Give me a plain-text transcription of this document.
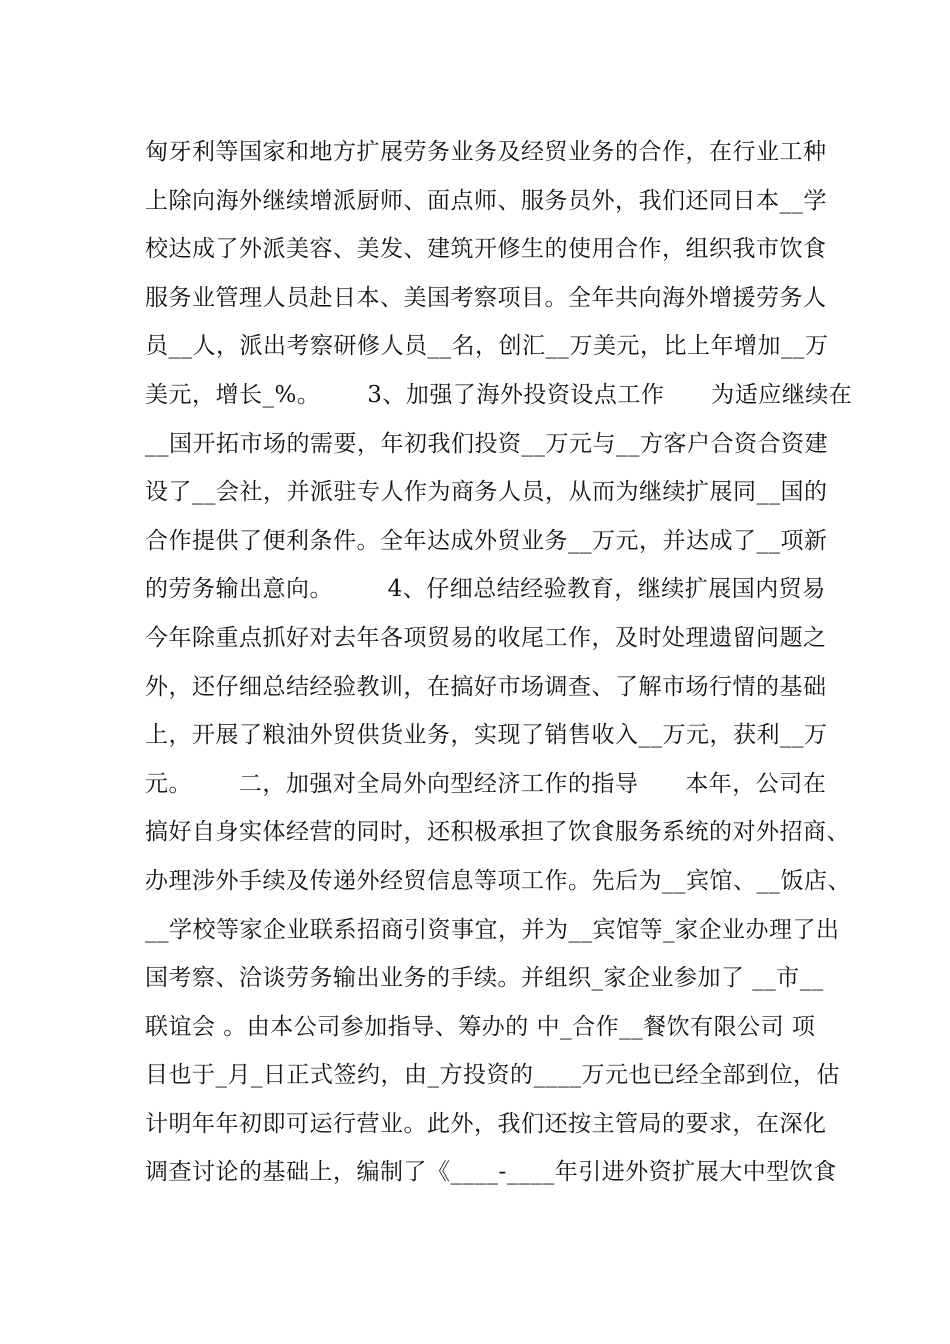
匈牙利等国家和地方扩展劳务业务及经贸业务的合作，在行业工种
上除向海外继续增派厨师、面点师、服务员外，我们还同日本__学
校达成了外派美容、美发、建筑开修生的使用合作，组织我市饮食
服务业管理人员赴日本、美国考察项目。全年共向海外增援劳务人
员__人，派出考察研修人员__名，创汇__万美元，比上年增加__万
美元，增长_%。      3、加强了海外投资设点工作      为适应继续在
__国开拓市场的需要，年初我们投资__万元与__方客户合资合资建
设了__会社，并派驻专人作为商务人员，从而为继续扩展同__国的
合作提供了便利条件。全年达成外贸业务__万元，并达成了__项新
的劳务输出意向。       4、仔细总结经验教育，继续扩展国内贸易
今年除重点抓好对去年各项贸易的收尾工作，及时处理遗留问题之
外，还仔细总结经验教训，在搞好市场调查、了解市场行情的基础
上，开展了粮油外贸供货业务，实现了销售收入__万元，获利__万
元。      二，加强对全局外向型经济工作的指导      本年，公司在
搞好自身实体经营的同时，还积极承担了饮食服务系统的对外招商、
办理涉外手续及传递外经贸信息等项工作。先后为__宾馆、__饭店、
__学校等家企业联系招商引资事宜，并为__宾馆等_家企业办理了出
国考察、洽谈劳务输出业务的手续。并组织_家企业参加了 __市__
联谊会 。由本公司参加指导、筹办的 中_合作__餐饮有限公司 项
目也于_月_日正式签约，由_方投资的____万元也已经全部到位，估
计明年年初即可运行营业。此外，我们还按主管局的要求，在深化
调查讨论的基础上，编制了《____-____年引进外资扩展大中型饮食
